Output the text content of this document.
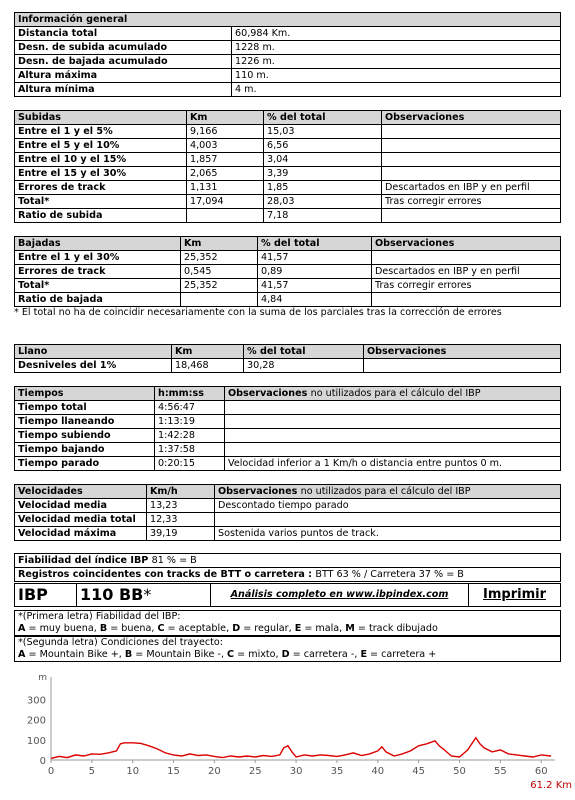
Información general	
Distancia total	60,984 Km.
Desn. de subida acumulado	1228 m.
Desn. de bajada acumulado	1226 m.
Altura máxima	110 m.
Altura mínima	4 m.
Subidas	Km	% del total	Observaciones
Entre el 1 y el 5%	9,166	15,03	
Entre el 5 y el 10%	4,003	6,56	
Entre el 10 y el 15%	1,857	3,04	
Entre el 15 y el 30%	2,065	3,39	
Errores de track	1,131	1,85	Descartados en IBP y en perfil
Total*	17,094	28,03	Tras corregir errores
Ratio de subida		7,18	
Bajadas	Km	% del total	Observaciones
Entre el 1 y el 30%	25,352	41,57	
Errores de track	0,545	0,89	Descartados en IBP y en perfil
Total*	25,352	41,57	Tras corregir errores
Ratio de bajada		4,84	
* El total no ha de coincidir necesariamente con la suma de los parciales tras la corrección de errores
Llano	Km	% del total	Observaciones
Desniveles del 1%	18,468	30,28	
Tiempos	h:mm:ss	Observaciones no utilizados para el cálculo del IBP
Tiempo total	4:56:47	
Tiempo llaneando	1:13:19	
Tiempo subiendo	1:42:28	
Tiempo bajando	1:37:58	
Tiempo parado	0:20:15	Velocidad inferior a 1 Km/h o distancia entre puntos 0 m.
Velocidades	Km/h	Observaciones no utilizados para el cálculo del IBP
Velocidad media	13,23	Descontado tiempo parado
Velocidad media total	12,33	
Velocidad máxima	39,19	Sostenida varios puntos de track.
Fiabilidad del índice IBP 81 % = B
Registros coincidentes con tracks de BTT o carretera : BTT 63 % / Carretera 37 % = B
IBP	110 BB*	Análisis completo en www.ibpindex.com	Imprimir
*(Primera letra) Fiabilidad del IBP:
A = muy buena, B = buena, C = aceptable, D = regular, E = mala, M = track dibujado
*(Segunda letra) Condiciones del trayecto:
A = Mountain Bike +, B = Mountain Bike -, C = mixto, D = carretera -, E = carretera +
m
0
100
200
300
0	5	10	15	20	25	30	35	40	45	50	55	60
61.2 Km
